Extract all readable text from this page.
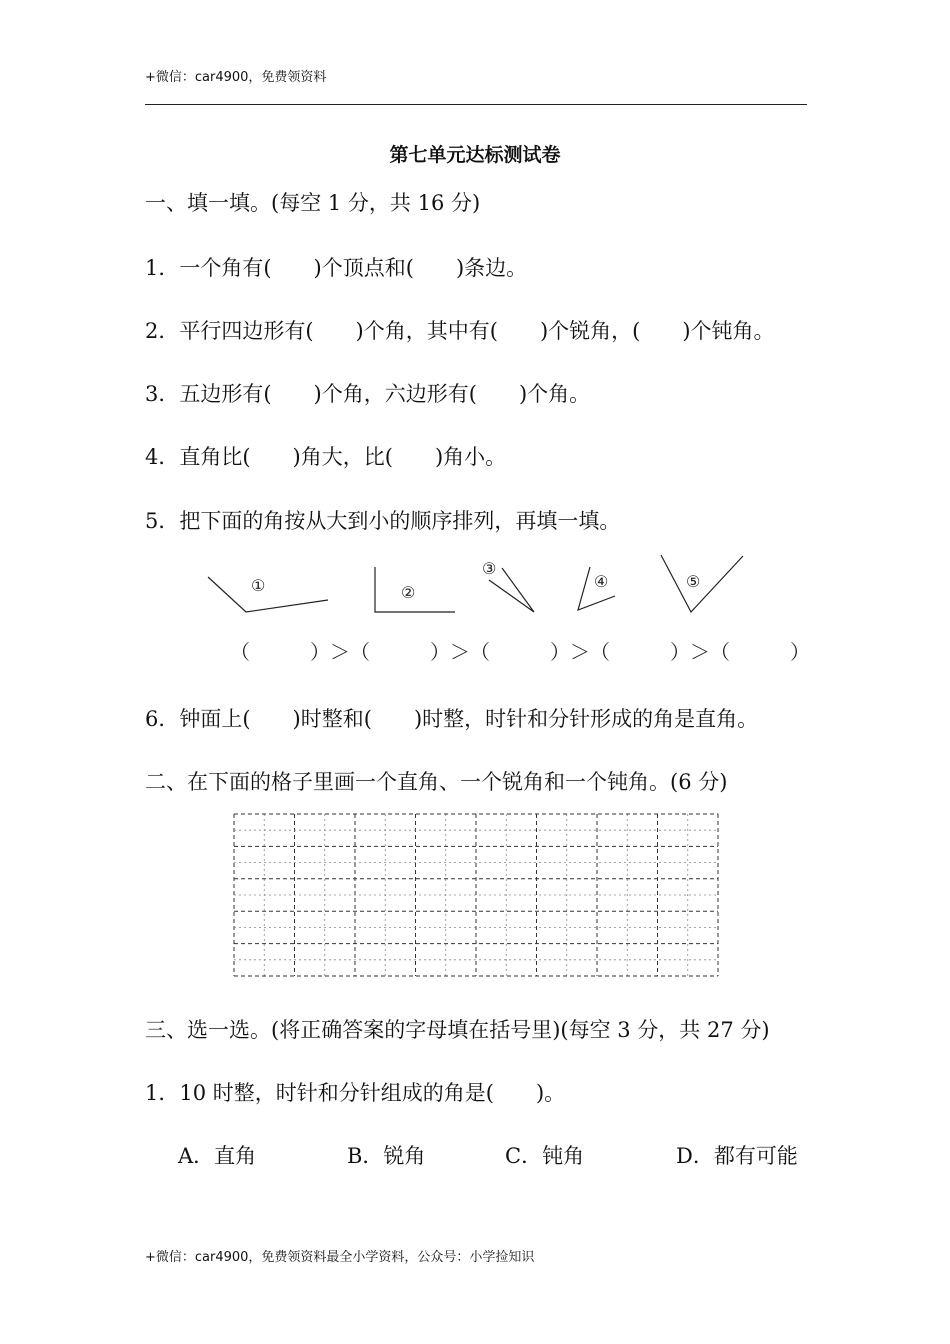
+微信：car4900，免费领资料
第七单元达标测试卷
一、填一填。(每空 1 分，共 16 分)
1．一个角有(　　)个顶点和(　　)条边。
2．平行四边形有(　　)个角，其中有(　　)个锐角，(　　)个钝角。
3．五边形有(　　)个角，六边形有(　　)个角。
4．直角比(　　)角大，比(　　)角小。
5．把下面的角按从大到小的顺序排列，再填一填。
①	②
③
④	⑤
（　　　）＞（　　　）＞（　　　）＞（　　　）＞（　　　）
6．钟面上(　　)时整和(　　)时整，时针和分针形成的角是直角。
二、在下面的格子里画一个直角、一个锐角和一个钝角。(6 分)
三、选一选。(将正确答案的字母填在括号里)(每空 3 分，共 27 分)
1．10 时整，时针和分针组成的角是(　　)。
A．直角	B．锐角	C．钝角	D．都有可能
+微信：car4900，免费领资料最全小学资料，公众号：小学捡知识
